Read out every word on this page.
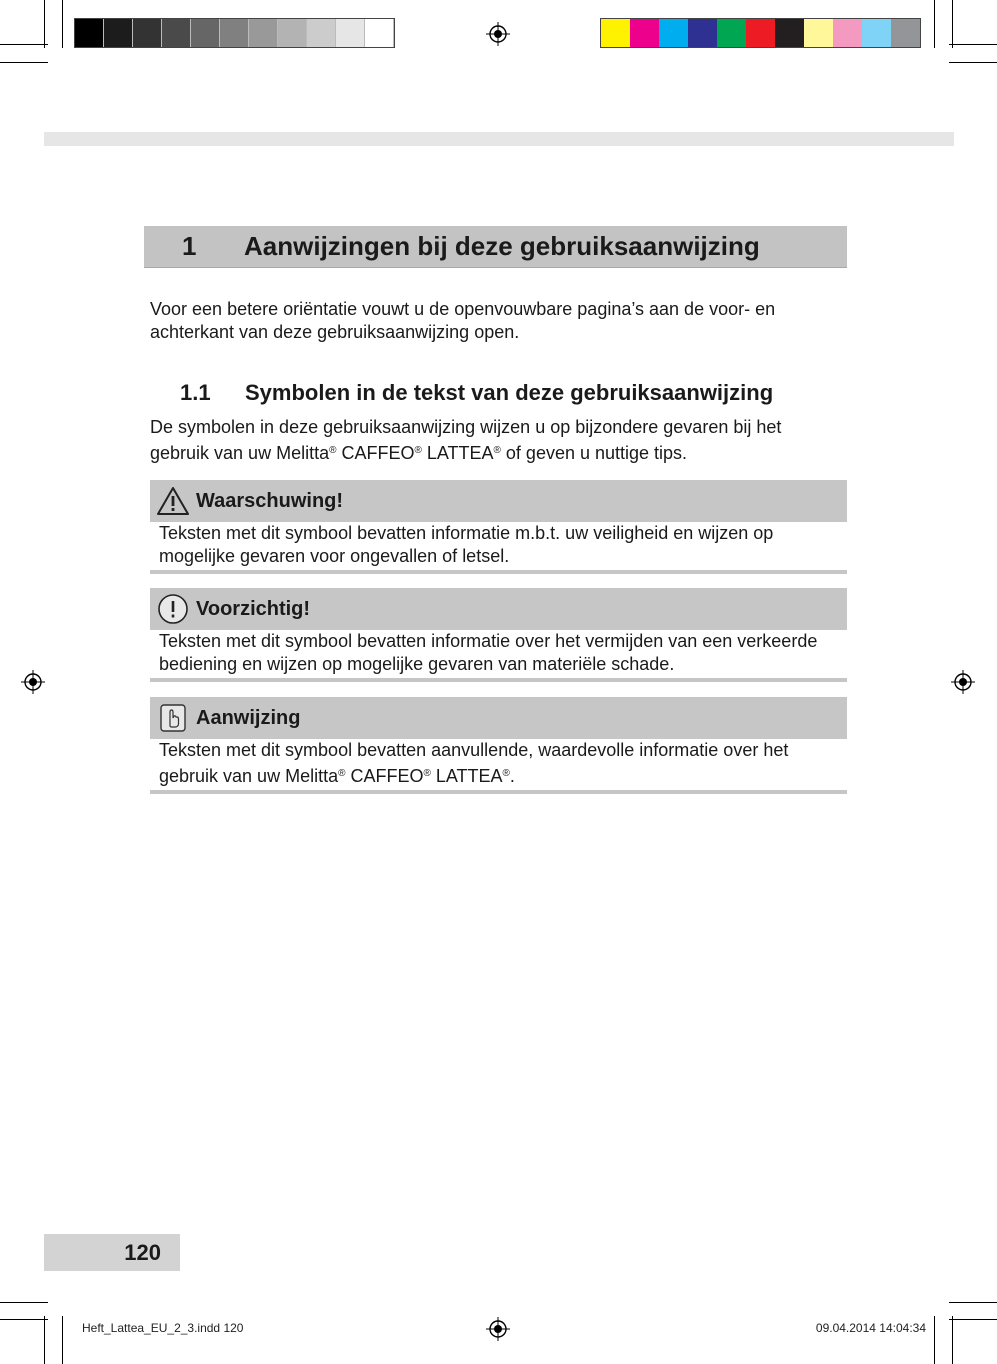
1	Aanwijzingen bij deze gebruiksaanwijzing
Voor een betere oriëntatie vouwt u de openvouwbare pagina’s aan de voor- en achterkant van deze gebruiksaanwijzing open.
1.1	Symbolen in de tekst van deze gebruiksaanwijzing
De symbolen in deze gebruiksaanwijzing wijzen u op bijzondere gevaren bij het gebruik van uw Melitta® CAFFEO® LATTEA® of geven u nuttige tips.
Waarschuwing!
Teksten met dit symbool bevatten informatie m.b.t. uw veiligheid en wijzen op mogelijke gevaren voor ongevallen of letsel.
Voorzichtig!
Teksten met dit symbool bevatten informatie over het vermijden van een verkeerde bediening en wijzen op mogelijke gevaren van materiële schade.
Aanwijzing
Teksten met dit symbool bevatten aanvullende, waardevolle informatie over het gebruik van uw Melitta® CAFFEO® LATTEA®.
120
Heft_Lattea_EU_2_3.indd 120	09.04.2014 14:04:34
